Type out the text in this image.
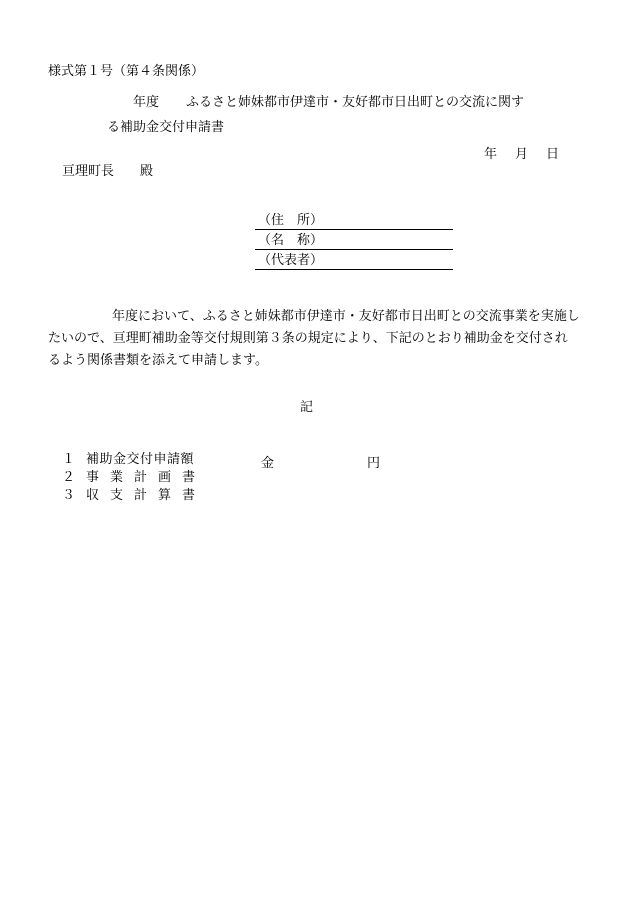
様式第１号（第４条関係）
年度 ふるさと姉妹都市伊達市・友好都市日出町との交流に関す
る補助金交付申請書
年 月 日
亘理町長 殿
（住　所）
（名　称）
（代表者）
年度において、ふるさと姉妹都市伊達市・友好都市日出町との交流事業を実施したいので、亘理町補助金等交付規則第３条の規定により、下記のとおり補助金を交付されるよう関係書類を添えて申請します。
記
１ 補助金交付申請額	金	円
２ 事業計画書
３ 収支計算書
